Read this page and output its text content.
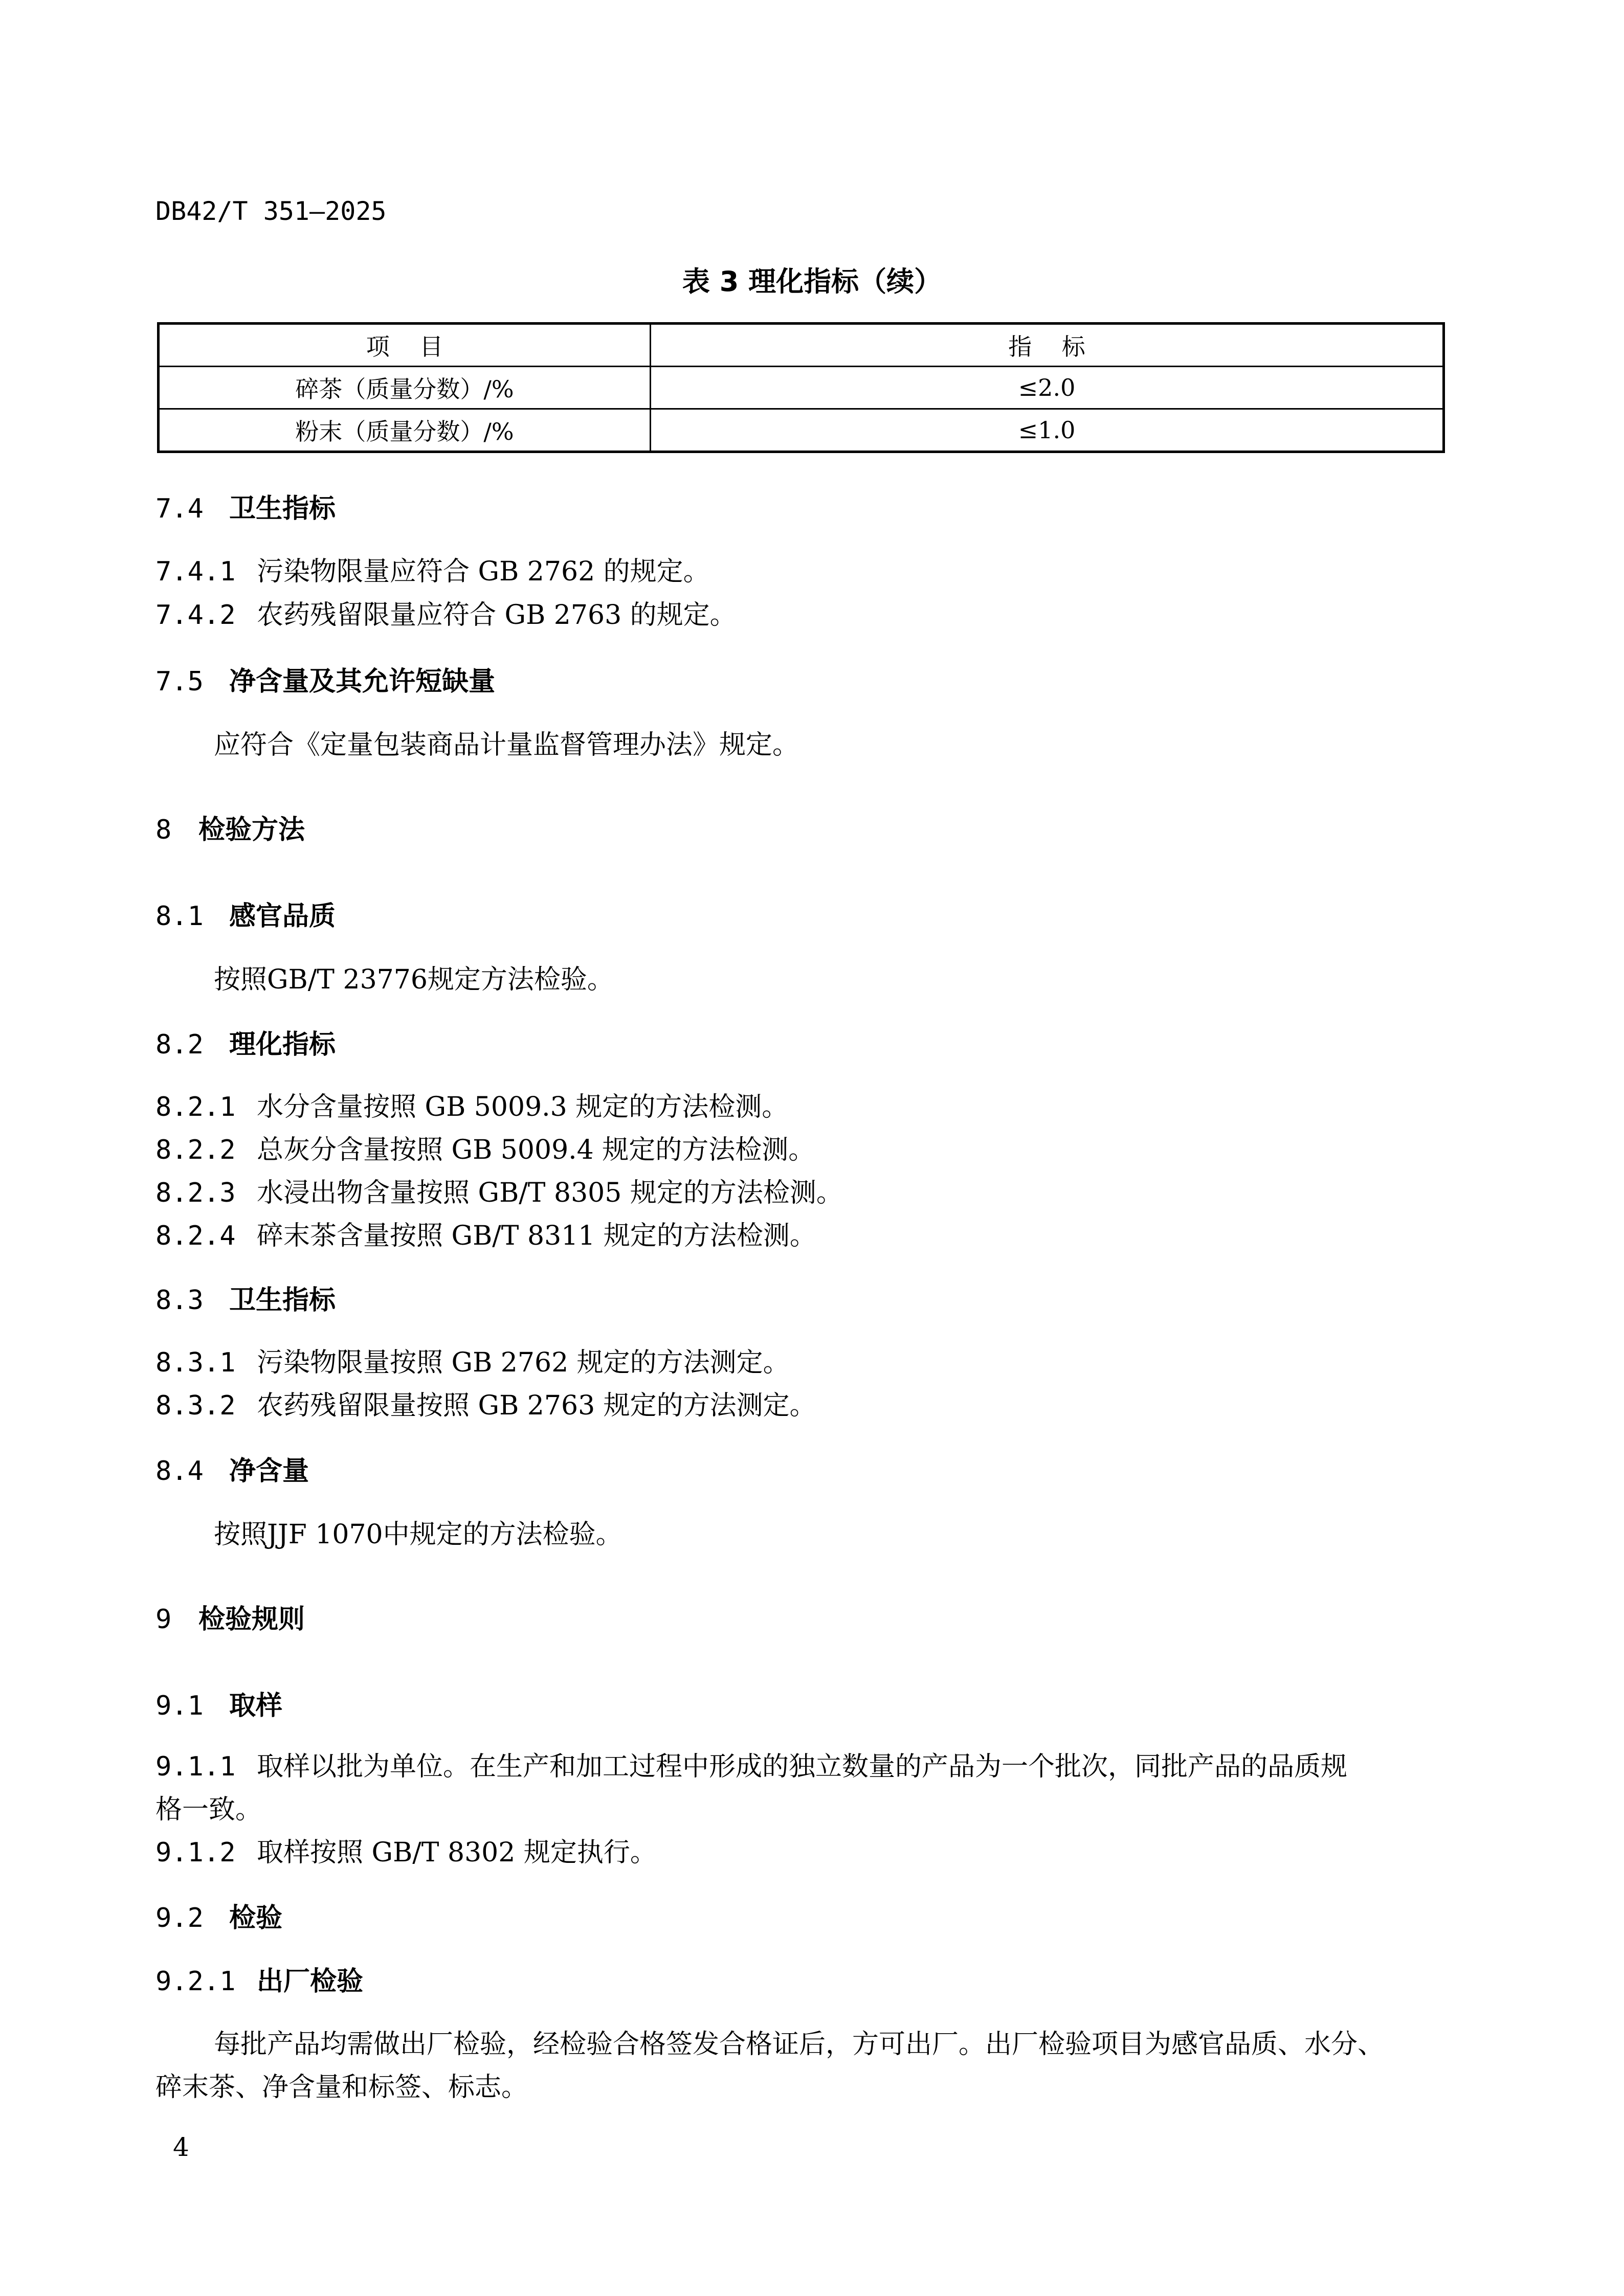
DB42/T 351—2025
表 3 理化指标（续）
项    目	指    标
碎茶（质量分数）/%	≤2.0
粉末（质量分数）/%	≤1.0
7.4 卫生指标
7.4.1 污染物限量应符合 GB 2762 的规定。
7.4.2 农药残留限量应符合 GB 2763 的规定。
7.5 净含量及其允许短缺量
应符合《定量包装商品计量监督管理办法》规定。
8 检验方法
8.1 感官品质
按照GB/T 23776规定方法检验。
8.2 理化指标
8.2.1 水分含量按照 GB 5009.3 规定的方法检测。
8.2.2 总灰分含量按照 GB 5009.4 规定的方法检测。
8.2.3 水浸出物含量按照 GB/T 8305 规定的方法检测。
8.2.4 碎末茶含量按照 GB/T 8311 规定的方法检测。
8.3 卫生指标
8.3.1 污染物限量按照 GB 2762 规定的方法测定。
8.3.2 农药残留限量按照 GB 2763 规定的方法测定。
8.4 净含量
按照JJF 1070中规定的方法检验。
9 检验规则
9.1 取样
9.1.1 取样以批为单位。在生产和加工过程中形成的独立数量的产品为一个批次，同批产品的品质规
格一致。
9.1.2 取样按照 GB/T 8302 规定执行。
9.2 检验
9.2.1 出厂检验
每批产品均需做出厂检验，经检验合格签发合格证后，方可出厂。出厂检验项目为感官品质、水分、
碎末茶、净含量和标签、标志。
4
